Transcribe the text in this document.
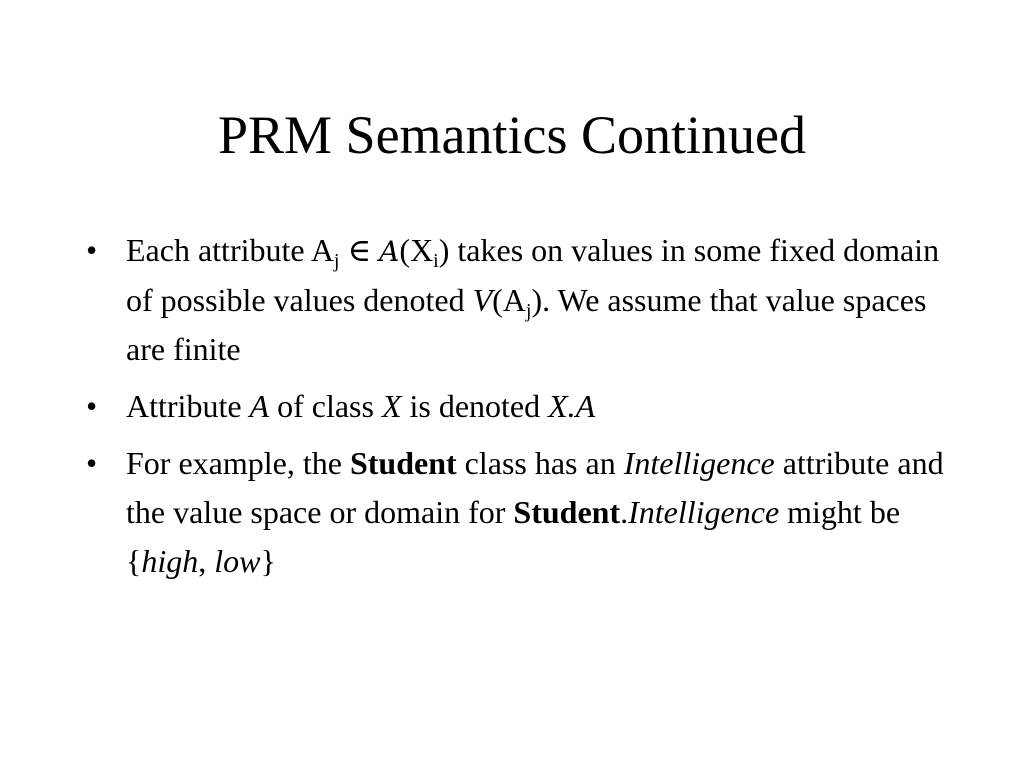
PRM Semantics Continued
• Each attribute $A_j$ ∈ $A(X_i)$ takes on values in some fixed domain of possible values denoted $V(A_j)$. We assume that value spaces are finite
• Attribute A of class X is denoted X.A
• For example, the Student class has an Intelligence attribute and the value space or domain for Student.Intelligence might be {high, low}
